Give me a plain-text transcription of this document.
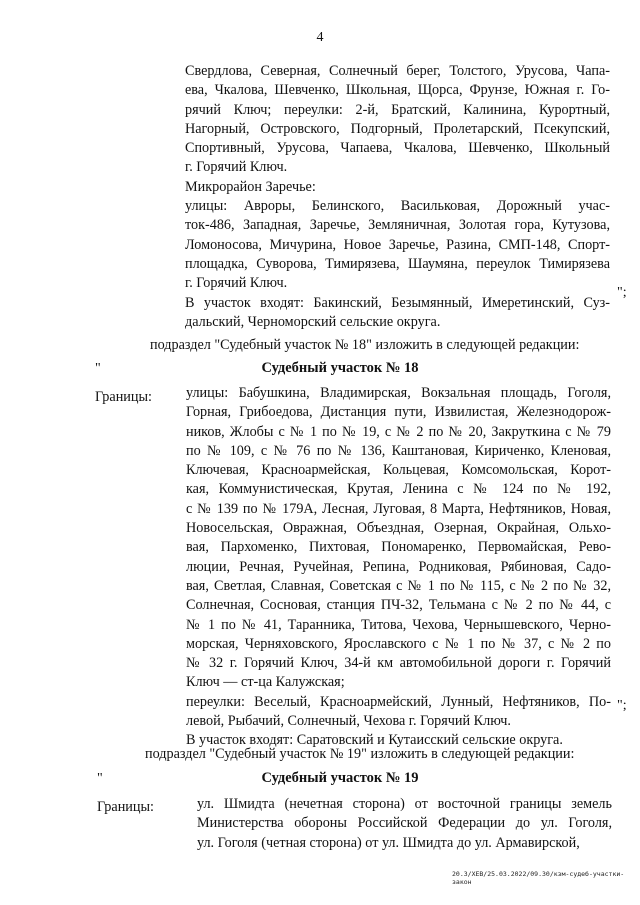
4

Свердлова, Северная, Солнечный берег, Толстого, Урусова, Чапа-

ева, Чкалова, Шевченко, Школьная, Щорса, Фрунзе, Южная г. Го-

рячий Ключ; переулки: 2-й, Братский, Калинина, Курортный,

Нагорный, Островского, Подгорный, Пролетарский, Псекупский,

Спортивный, Урусова, Чапаева, Чкалова, Шевченко, Школьный

г. Горячий Ключ.

Микрорайон Заречье:

улицы: Авроры, Белинского, Васильковая, Дорожный учас-

ток-486, Западная, Заречье, Земляничная, Золотая гора, Кутузова,

Ломоносова, Мичурина, Новое Заречье, Разина, СМП-148, Спорт-

площадка, Суворова, Тимирязева, Шаумяна, переулок Тимирязева

г. Горячий Ключ.

В участок входят: Бакинский, Безымянный, Имеретинский, Суз-

дальский, Черноморский сельские округа.

";
подраздел "Судебный участок № 18" изложить в следующей редакции:
"	Судебный участок № 18
Границы: улицы: Бабушкина, Владимирская, Вокзальная площадь, Гоголя,

Горная, Грибоедова, Дистанция пути, Извилистая, Железнодорож-

ников, Жлобы с № 1 по № 19, с № 2 по № 20, Закруткина с № 79

по № 109, с № 76 по № 136, Каштановая, Кириченко, Кленовая,

Ключевая, Красноармейская, Кольцевая, Комсомольская, Корот-

кая, Коммунистическая, Крутая, Ленина с № 124 по № 192,

с № 139 по № 179А, Лесная, Луговая, 8 Марта, Нефтяников, Новая,

Новосельская, Овражная, Объездная, Озерная, Окрайная, Ольхо-

вая, Пархоменко, Пихтовая, Пономаренко, Первомайская, Рево-

люции, Речная, Ручейная, Репина, Родниковая, Рябиновая, Садо-

вая, Светлая, Славная, Советская с № 1 по № 115, с № 2 по № 32,

Солнечная, Сосновая, станция ПЧ-32, Тельмана с № 2 по № 44, с

№ 1 по № 41, Таранника, Титова, Чехова, Чернышевского, Черно-

морская, Черняховского, Ярославского с № 1 по № 37, с № 2 по

№ 32 г. Горячий Ключ, 34-й км автомобильной дороги г. Горячий

Ключ — ст-ца Калужская;

переулки: Веселый, Красноармейский, Лунный, Нефтяников, По-

левой, Рыбачий, Солнечный, Чехова г. Горячий Ключ.

В участок входят: Саратовский и Кутаисский сельские округа.

";
подраздел "Судебный участок № 19" изложить в следующей редакции:
"	Судебный участок № 19
Границы:	ул. Шмидта (нечетная сторона) от восточной границы земель

Министерства обороны Российской Федерации до ул. Гоголя,

ул. Гоголя (четная сторона) от ул. Шмидта до ул. Армавирской,

20.3/ХЕВ/25.03.2022/09.30/кзм-судеб-участки-закон
